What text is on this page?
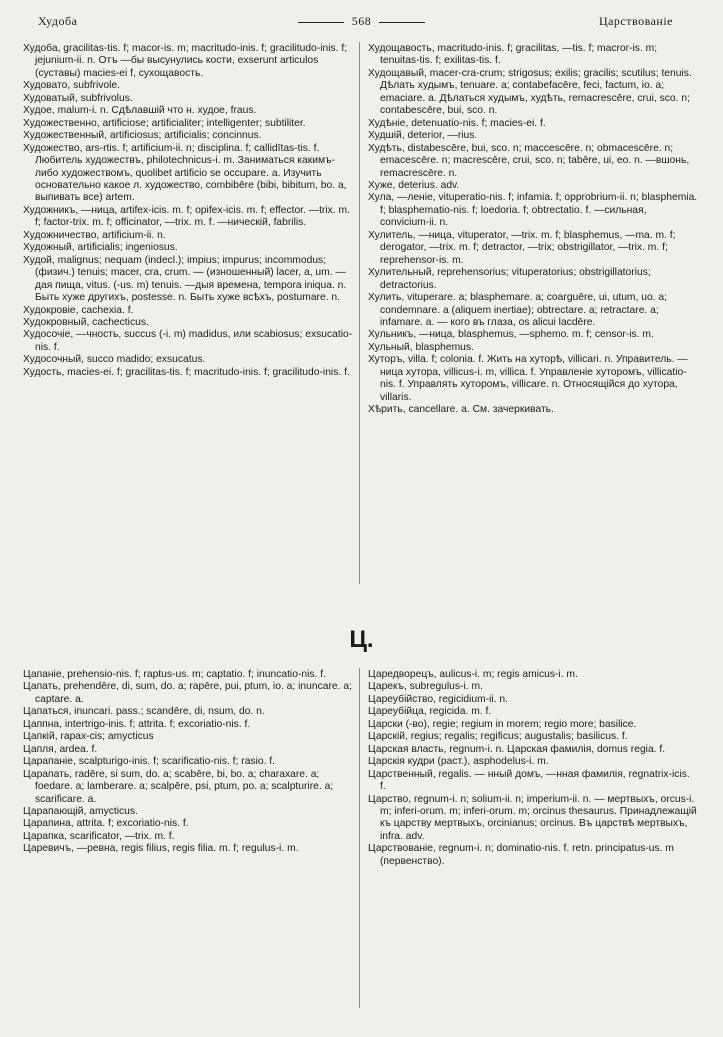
Худоба	568	Царствованіе

Худоба, gracilitas-tis. f; macor-is. m; macritudo-inis. f; gracilitudo-inis. f; jejunium-ii. n. Отъ —бы высунулись кости, exserunt articulos (суставы) macies-ei f, сухощавость.

Худовато, subfrivole.

Худоватый, subfrivolus.

Худое, malum-i. n. Сдѣлавшій что н. худое, fraus.

Художественно, artificiose; artificialiter; intelligenter; subtiliter.

Художественный, artificiosus; artificialis; concinnus.

Художество, ars-rtis. f; artificium-ii. n; disciplina. f; callidītas-tis. f. Любитель художествъ, philotechnicus-i. m. Заниматься какимъ-либо художествомъ, quolibet artificio se occupare. a. Изучить основательно какое л. художество, combibēre (bibi, bibitum, bo. a, выпивать все) artem.

Художникъ, —ница, artifex-icis. m. f; opifex-icis. m. f; effector. —trix. m. f; factor-trix. m. f; officinator, —trix. m. f. —ническій, fabrilis.

Художничество, artificium-ii. n.

Художный, artificialis; ingeniosus.

Худой, malignus; nequam (indecl.); impius; impurus; incommodus; (физич.) tenuis; macer, cra, crum. — (изношенный) lacer, a, um. —дая пища, vitus. (-us. m) tenuis. —дыя времена, tempora iniqua. n. Быть хуже другихъ, postesse. n. Быть хуже всѣхъ, postumare. n.

Худокровіе, cachexia. f.

Худокровный, cachecticus.

Худосочіе, —чность, succus (-i. m) madidus, или scabiosus; exsucatio-nis. f.

Худосочный, succo madido; exsucatus.

Худость, macies-ei. f; gracilitas-tis. f; macritudo-inis. f; gracilitudo-inis. f.

Худощавость, macritudo-inis. f; gracilitas, —tis. f; macror-is. m; tenuitas-tis. f; exilitas-tis. f.

Худощавый, macer-cra-crum; strigosus; exilis; gracilis; scutilus; tenuis. Дѣлать худымъ, tenuare. a; contabefacēre, feci, factum, io. a; emaciare. a. Дѣлаться худымъ, худѣть, remacrescēre, crui, sco. n; contabescēre, bui, sco. n.

Худѣніе, detenuatio-nis. f; macies-ei. f.

Худшій, deterior, —rius.

Худѣть, distabescēre, bui, sco. n; maccescēre. n; obmacescēre. n; emacescēre. n; macrescēre, crui, sco. n; tabēre, ui, eo. n. —вшонь, remacrescēre. n.

Хуже, deterius. adv.

Хула, —леніе, vituperatio-nis. f; infamia. f; opprobrium-ii. n; blasphemia. f; blasphematio-nis. f; loedoria. f; obtrectatio. f. —сильная, convicium-ii. n.

Хулитель, —ница, vituperator, —trix. m. f; blasphemus, —ma. m. f; derogator, —trix. m. f; detractor, —trix; obstrigillator, —trix. m. f; reprehensor-is. m.

Хулительный, reprehensorius; vituperatorius; obstrigillatorius; detractorius.

Хулить, vituperare. a; blasphemare. a; coarguēre, ui, utum, uo. a; condemnare. a (aliquem inertiae); obtrectare. a; retractare. a; infamare. a. — кого въ глаза, os alicui lacdēre.

Хульникъ, —ница, blasphemus, —sphemo. m. f; censor-is. m.

Хульный, blasphemus.

Хуторъ, villa. f; colonia. f. Жить на хуторѣ, villicari. n. Управитель. —ница хутора, villicus-i. m, villica. f. Управленіе хуторомъ, villicatio-nis. f. Управлять хуторомъ, villicare. n. Относящійся до хутора, villaris.

Хѣрить, cancellare. a. См. зачеркивать.

Ц.

Цапаніе, prehensio-nis. f; raptus-us. m; captatio. f; inuncatio-nis. f.

Цапать, prehendēre, di, sum, do. a; rapēre, pui, ptum, io. a; inuncare. a; captare. a.

Цапаться, inuncari. pass.; scandēre, di, nsum, do. n.

Цаппна, intertrigo-inis. f; attrita. f; excoriatio-nis. f.

Цапкій, rapax-cis; amycticus

Цапля, ardea. f.

Царапаніе, scalpturigo-inis. f; scarificatio-nis. f; rasio. f.

Царапать, radēre, si sum, do. a; scabēre, bi, bo. a; charaxare. a; foedare. a; lamberare. a; scalpēre, psi, ptum, po. a; scalpturire. a; scarificare. a.

Царапающій, amycticus.

Царапина, attrita. f; excoriatio-nis. f.

Царапка, scarificator, —trix. m. f.

Царевичъ, —ревна, regis filius, regis filia. m. f; regulus-i. m.

Царедворецъ, aulicus-i. m; regis amicus-i. m.

Царекъ, subregulus-i. m.

Цареубійство, regicidium-ii. n.

Цареубійца, regicida. m. f.

Царски (-во), regie; regium in morem; regio more; basilice.

Царскій, regius; regalis; regificus; augustalis; basilicus. f.

Царская власть, regnum-i. n. Царская фамилія, domus regia. f.

Царскія кудри (раст.), asphodelus-i. m.

Царственный, regalis. — нный домъ, —нная фамилія, regnatrix-icis. f.

Царство, regnum-i. n; solium-ii. n; imperium-ii. n. — мертвыхъ, orcus-i. m; inferi-orum. m; inferi-orum. m; orcinus thesaurus. Принадлежащій къ царству мертвыхъ, orcinianus; orcinus. Въ царствѣ мертвыхъ, infra. adv.

Царствованіе, regnum-i. n; dominatio-nis. f. retn. principatus-us. m (первенство).
